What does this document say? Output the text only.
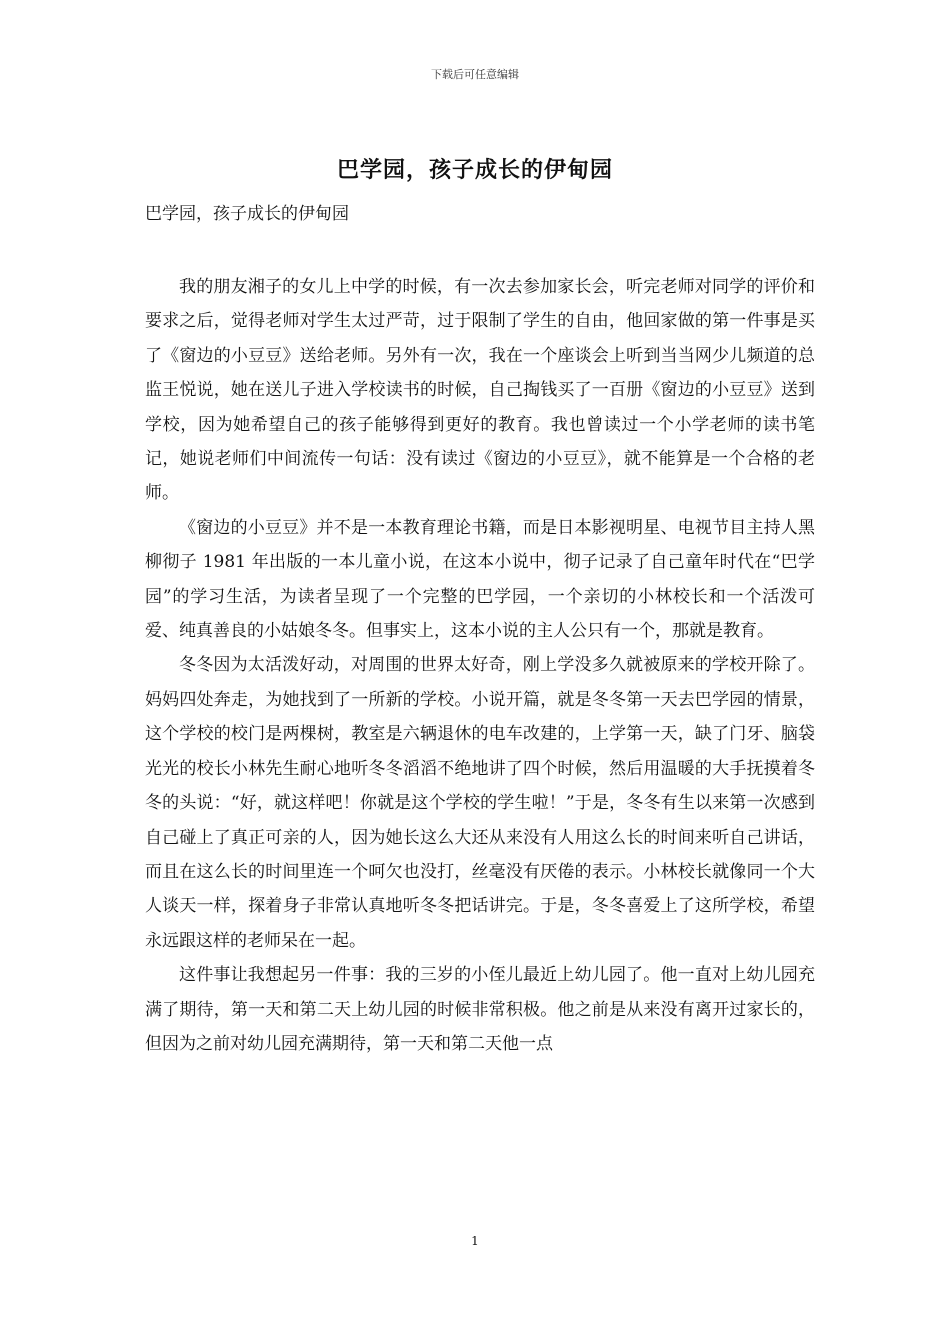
下载后可任意编辑
巴学园，孩子成长的伊甸园
巴学园，孩子成长的伊甸园

我的朋友湘子的女儿上中学的时候，有一次去参加家长会，听完老师对同学的评价和要求之后，觉得老师对学生太过严苛，过于限制了学生的自由，他回家做的第一件事是买了《窗边的小豆豆》送给老师。另外有一次，我在一个座谈会上听到当当网少儿频道的总监王悦说，她在送儿子进入学校读书的时候，自己掏钱买了一百册《窗边的小豆豆》送到学校，因为她希望自己的孩子能够得到更好的教育。我也曾读过一个小学老师的读书笔记，她说老师们中间流传一句话：没有读过《窗边的小豆豆》，就不能算是一个合格的老师。

《窗边的小豆豆》并不是一本教育理论书籍，而是日本影视明星、电视节目主持人黑柳彻子 1981 年出版的一本儿童小说，在这本小说中，彻子记录了自己童年时代在“巴学园”的学习生活，为读者呈现了一个完整的巴学园，一个亲切的小林校长和一个活泼可爱、纯真善良的小姑娘冬冬。但事实上，这本小说的主人公只有一个，那就是教育。

冬冬因为太活泼好动，对周围的世界太好奇，刚上学没多久就被原来的学校开除了。妈妈四处奔走，为她找到了一所新的学校。小说开篇，就是冬冬第一天去巴学园的情景，这个学校的校门是两棵树，教室是六辆退休的电车改建的，上学第一天，缺了门牙、脑袋光光的校长小林先生耐心地听冬冬滔滔不绝地讲了四个时候，然后用温暖的大手抚摸着冬冬的头说：“好，就这样吧！你就是这个学校的学生啦！”于是，冬冬有生以来第一次感到自己碰上了真正可亲的人，因为她长这么大还从来没有人用这么长的时间来听自己讲话，而且在这么长的时间里连一个呵欠也没打，丝毫没有厌倦的表示。小林校长就像同一个大人谈天一样，探着身子非常认真地听冬冬把话讲完。于是，冬冬喜爱上了这所学校，希望永远跟这样的老师呆在一起。

这件事让我想起另一件事：我的三岁的小侄儿最近上幼儿园了。他一直对上幼儿园充满了期待，第一天和第二天上幼儿园的时候非常积极。他之前是从来没有离开过家长的，但因为之前对幼儿园充满期待，第一天和第二天他一点

1
